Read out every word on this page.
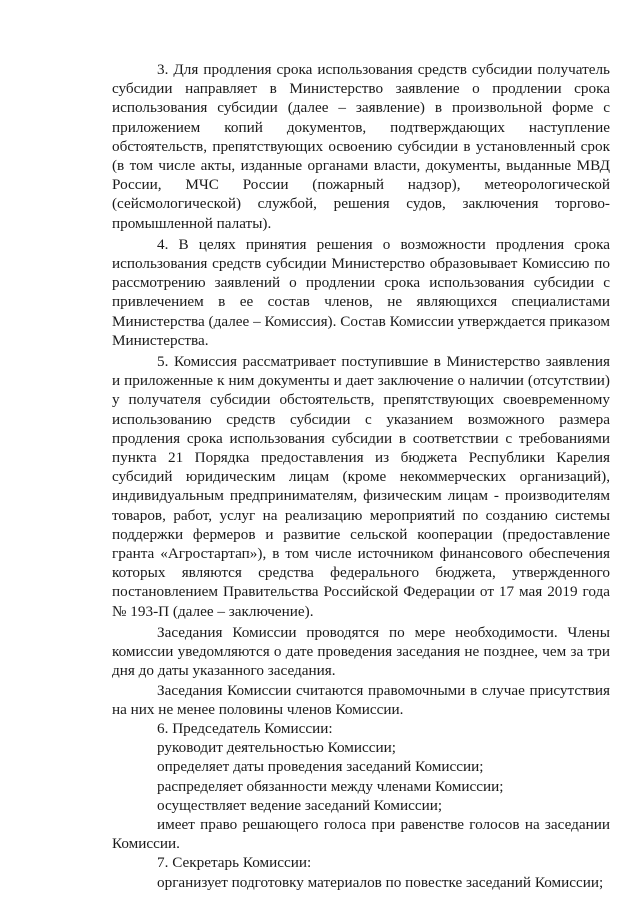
3. Для продления срока использования средств субсидии получатель субсидии направляет в Министерство заявление о продлении срока использования субсидии (далее – заявление) в произвольной форме с приложением копий документов, подтверждающих наступление обстоятельств, препятствующих освоению субсидии в установленный срок (в том числе акты, изданные органами власти, документы, выданные МВД России, МЧС России (пожарный надзор), метеорологической (сейсмологической) службой, решения судов, заключения торгово-промышленной палаты).

4. В целях принятия решения о возможности продления срока использования средств субсидии Министерство образовывает Комиссию по рассмотрению заявлений о продлении срока использования субсидии с привлечением в ее состав членов, не являющихся специалистами Министерства (далее – Комиссия). Состав Комиссии утверждается приказом Министерства.

5. Комиссия рассматривает поступившие в Министерство заявления и приложенные к ним документы и дает заключение о наличии (отсутствии) у получателя субсидии обстоятельств, препятствующих своевременному использованию средств субсидии с указанием возможного размера продления срока использования субсидии в соответствии с требованиями пункта 21 Порядка предоставления из бюджета Республики Карелия субсидий юридическим лицам (кроме некоммерческих организаций), индивидуальным предпринимателям, физическим лицам - производителям товаров, работ, услуг на реализацию мероприятий по созданию системы поддержки фермеров и развитие сельской кооперации (предоставление гранта «Агростартап»), в том числе источником финансового обеспечения которых являются средства федерального бюджета, утвержденного постановлением Правительства Российской Федерации от 17 мая 2019 года № 193-П (далее – заключение).

Заседания Комиссии проводятся по мере необходимости. Члены комиссии уведомляются о дате проведения заседания не позднее, чем за три дня до даты указанного заседания.

Заседания Комиссии считаются правомочными в случае присутствия на них не менее половины членов Комиссии.

6. Председатель Комиссии:

руководит деятельностью Комиссии;

определяет даты проведения заседаний Комиссии;

распределяет обязанности между членами Комиссии;

осуществляет ведение заседаний Комиссии;

имеет право решающего голоса при равенстве голосов на заседании Комиссии.

7. Секретарь Комиссии:

организует подготовку материалов по повестке заседаний Комиссии;
